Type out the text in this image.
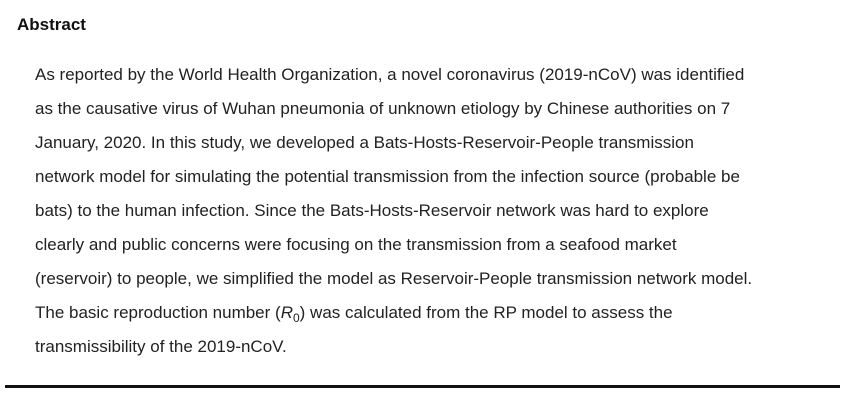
Abstract
As reported by the World Health Organization, a novel coronavirus (2019-nCoV) was identified
as the causative virus of Wuhan pneumonia of unknown etiology by Chinese authorities on 7
January, 2020. In this study, we developed a Bats-Hosts-Reservoir-People transmission
network model for simulating the potential transmission from the infection source (probable be
bats) to the human infection. Since the Bats-Hosts-Reservoir network was hard to explore
clearly and public concerns were focusing on the transmission from a seafood market
(reservoir) to people, we simplified the model as Reservoir-People transmission network model.
The basic reproduction number $(R_0)$ was calculated from the RP model to assess the
transmissibility of the 2019-nCoV.
